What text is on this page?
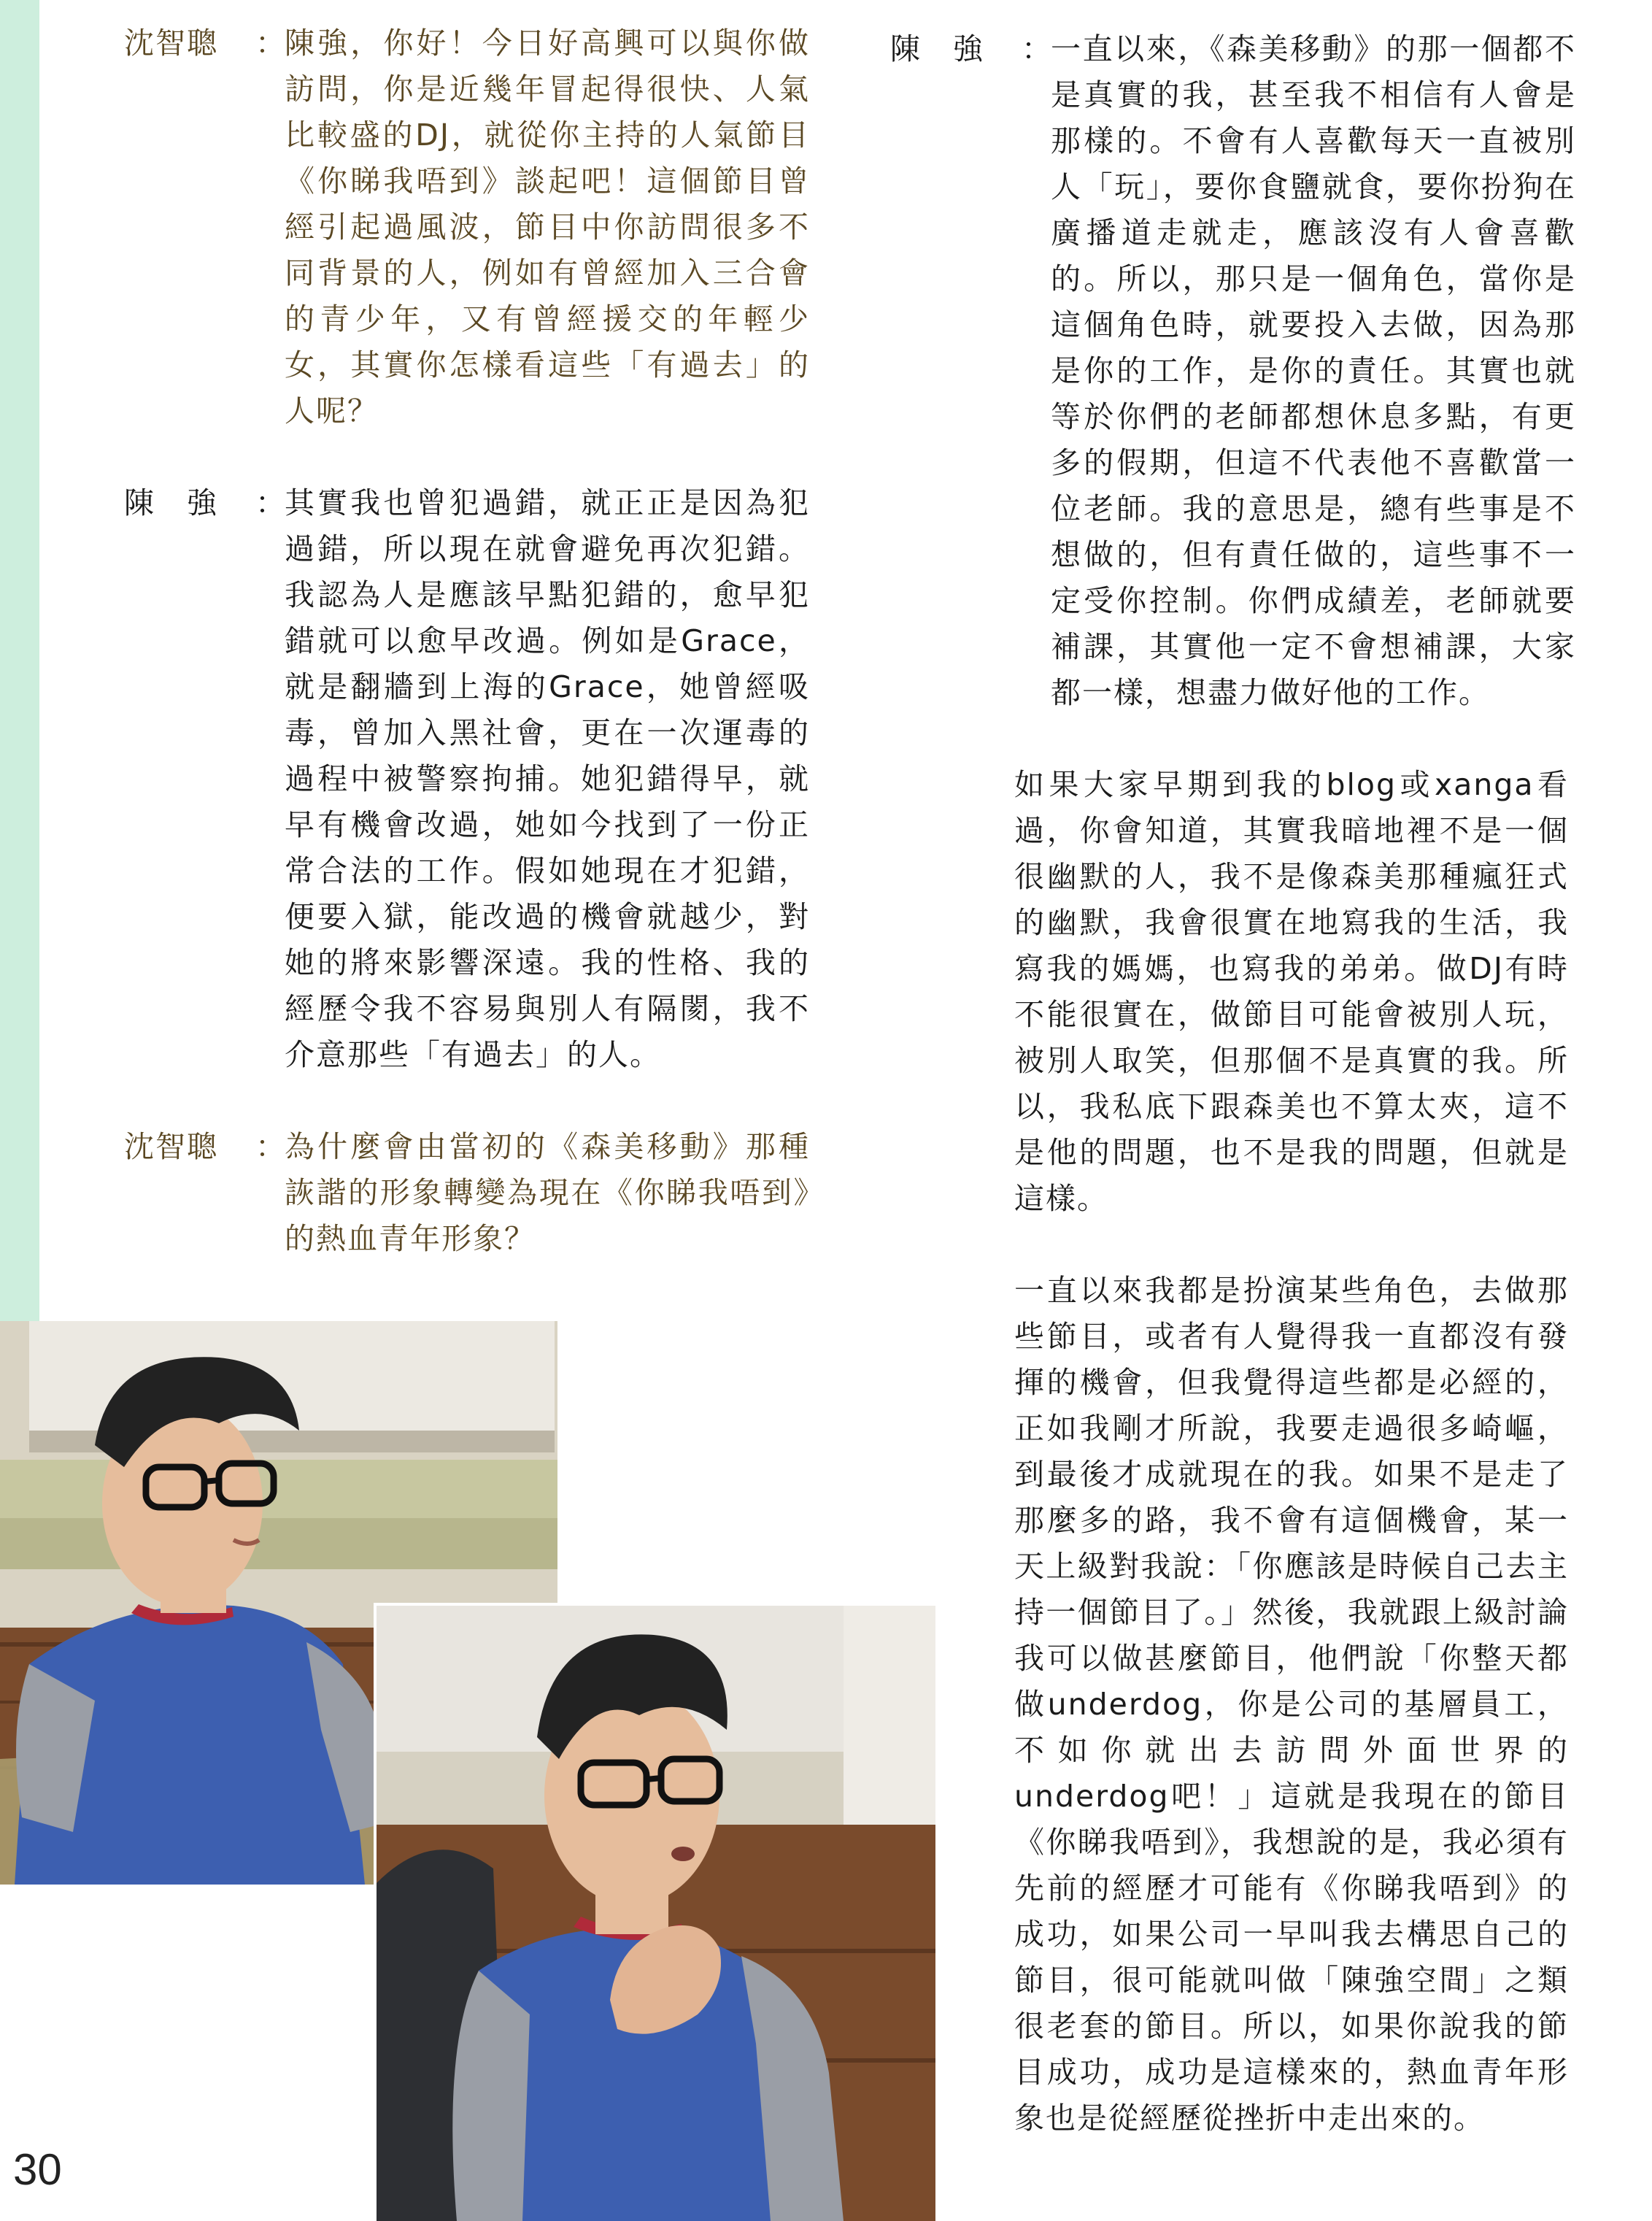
沈智聰	：
陳強，你好！今日好高興可以與你做訪問，你是近幾年冒起得很快、人氣比較盛的DJ，就從你主持的人氣節目《你睇我唔到》談起吧！這個節目曾經引起過風波，節目中你訪問很多不同背景的人，例如有曾經加入三合會的青少年，又有曾經援交的年輕少女，其實你怎樣看這些「有過去」的人呢？
陳　強	：
其實我也曾犯過錯，就正正是因為犯過錯，所以現在就會避免再次犯錯。我認為人是應該早點犯錯的，愈早犯錯就可以愈早改過。例如是Grace，就是翻牆到上海的Grace，她曾經吸毒，曾加入黑社會，更在一次運毒的過程中被警察拘捕。她犯錯得早，就早有機會改過，她如今找到了一份正常合法的工作。假如她現在才犯錯，便要入獄，能改過的機會就越少，對她的將來影響深遠。我的性格、我的經歷令我不容易與別人有隔閡，我不介意那些「有過去」的人。
沈智聰	：
為什麼會由當初的《森美移動》那種詼諧的形象轉變為現在《你睇我唔到》的熱血青年形象？
陳　強	：
一直以來，《森美移動》的那一個都不是真實的我，甚至我不相信有人會是那樣的。不會有人喜歡每天一直被別人「玩」，要你食鹽就食，要你扮狗在廣播道走就走，應該沒有人會喜歡的。所以，那只是一個角色，當你是這個角色時，就要投入去做，因為那是你的工作，是你的責任。其實也就等於你們的老師都想休息多點，有更多的假期，但這不代表他不喜歡當一位老師。我的意思是，總有些事是不想做的，但有責任做的，這些事不一定受你控制。你們成績差，老師就要補課，其實他一定不會想補課，大家都一樣，想盡力做好他的工作。

如果大家早期到我的blog或xanga看過，你會知道，其實我暗地裡不是一個很幽默的人，我不是像森美那種瘋狂式的幽默，我會很實在地寫我的生活，我寫我的媽媽，也寫我的弟弟。做DJ有時不能很實在，做節目可能會被別人玩，被別人取笑，但那個不是真實的我。所以，我私底下跟森美也不算太夾，這不是他的問題，也不是我的問題，但就是這樣。

一直以來我都是扮演某些角色，去做那些節目，或者有人覺得我一直都沒有發揮的機會，但我覺得這些都是必經的，正如我剛才所說，我要走過很多崎嶇，到最後才成就現在的我。如果不是走了那麼多的路，我不會有這個機會，某一天上級對我說：「你應該是時候自己去主持一個節目了。」然後，我就跟上級討論我可以做甚麼節目，他們說「你整天都做underdog，你是公司的基層員工，不如你就出去訪問外面世界的underdog吧！」這就是我現在的節目《你睇我唔到》，我想說的是，我必須有先前的經歷才可能有《你睇我唔到》的成功，如果公司一早叫我去構思自己的節目，很可能就叫做「陳強空間」之類很老套的節目。所以，如果你說我的節目成功，成功是這樣來的，熱血青年形象也是從經歷從挫折中走出來的。

30
